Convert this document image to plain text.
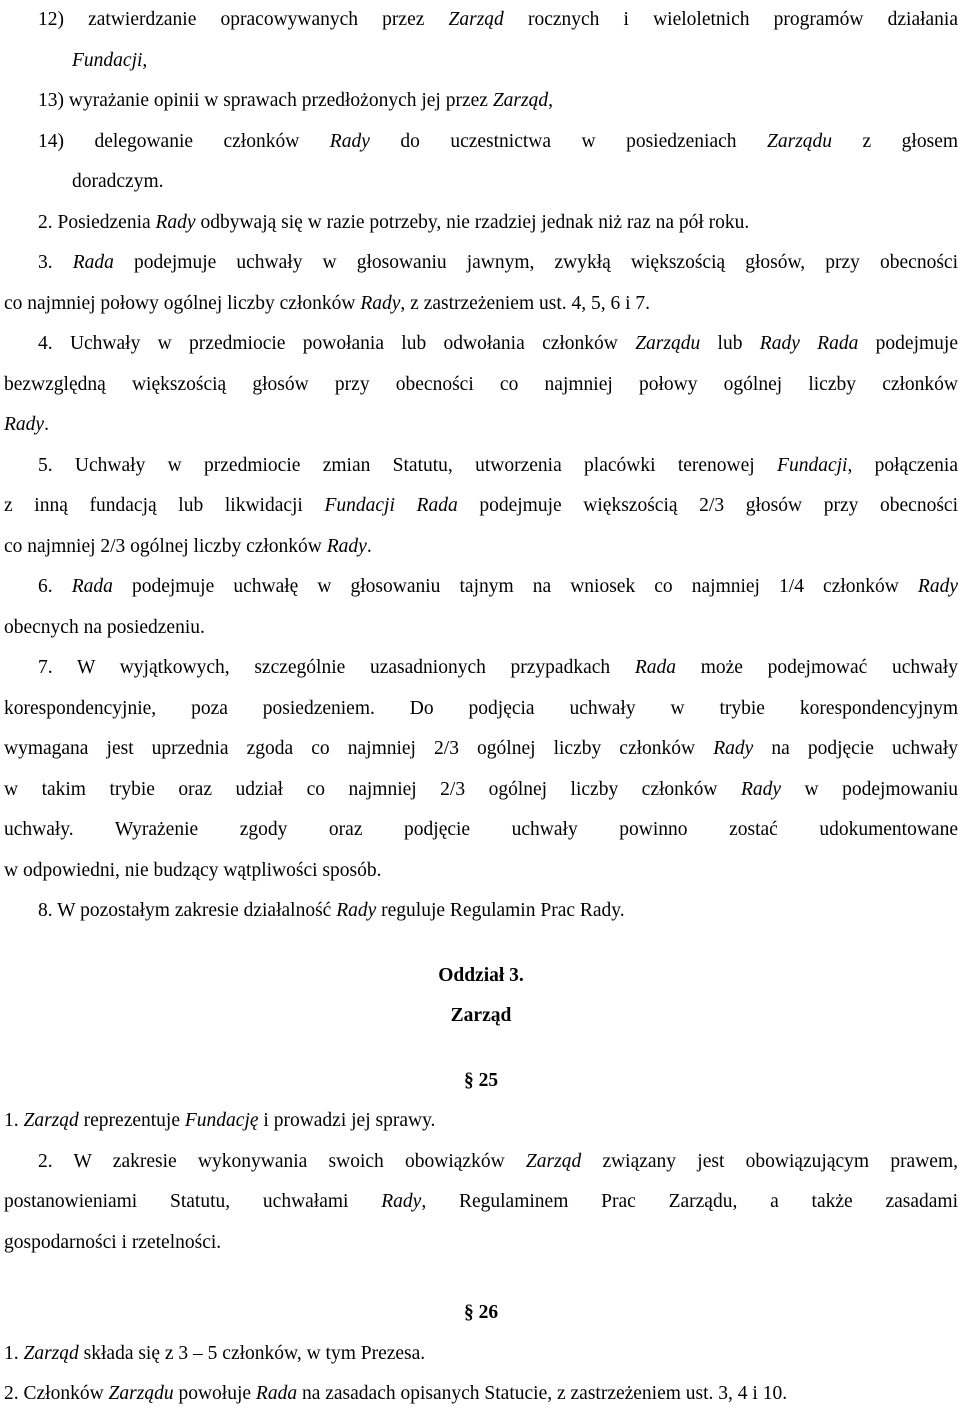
12) zatwierdzanie opracowywanych przez Zarząd rocznych i wieloletnich programów działania
Fundacji,
13) wyrażanie opinii w sprawach przedłożonych jej przez Zarząd,
14) delegowanie członków Rady do uczestnictwa w posiedzeniach Zarządu z głosem
doradczym.
2. Posiedzenia Rady odbywają się w razie potrzeby, nie rzadziej jednak niż raz na pół roku.
3. Rada podejmuje uchwały w głosowaniu jawnym, zwykłą większością głosów, przy obecności
co najmniej połowy ogólnej liczby członków Rady, z zastrzeżeniem ust. 4, 5, 6 i 7.
4. Uchwały w przedmiocie powołania lub odwołania członków Zarządu lub Rady Rada podejmuje
bezwzględną większością głosów przy obecności co najmniej połowy ogólnej liczby członków
Rady.
5. Uchwały w przedmiocie zmian Statutu, utworzenia placówki terenowej Fundacji, połączenia
z inną fundacją lub likwidacji Fundacji Rada podejmuje większością 2/3 głosów przy obecności
co najmniej 2/3 ogólnej liczby członków Rady.
6. Rada podejmuje uchwałę w głosowaniu tajnym na wniosek co najmniej 1/4 członków Rady
obecnych na posiedzeniu.
7. W wyjątkowych, szczególnie uzasadnionych przypadkach Rada może podejmować uchwały
korespondencyjnie, poza posiedzeniem. Do podjęcia uchwały w trybie korespondencyjnym
wymagana jest uprzednia zgoda co najmniej 2/3 ogólnej liczby członków Rady na podjęcie uchwały
w takim trybie oraz udział co najmniej 2/3 ogólnej liczby członków Rady w podejmowaniu
uchwały. Wyrażenie zgody oraz podjęcie uchwały powinno zostać udokumentowane
w odpowiedni, nie budzący wątpliwości sposób.
8. W pozostałym zakresie działalność Rady reguluje Regulamin Prac Rady.
Oddział 3.
Zarząd
§ 25
1. Zarząd reprezentuje Fundację i prowadzi jej sprawy.
2. W zakresie wykonywania swoich obowiązków Zarząd związany jest obowiązującym prawem,
postanowieniami Statutu, uchwałami Rady, Regulaminem Prac Zarządu, a także zasadami
gospodarności i rzetelności.
§ 26
1. Zarząd składa się z 3 – 5 członków, w tym Prezesa.
2. Członków Zarządu powołuje Rada na zasadach opisanych Statucie, z zastrzeżeniem ust. 3, 4 i 10.
